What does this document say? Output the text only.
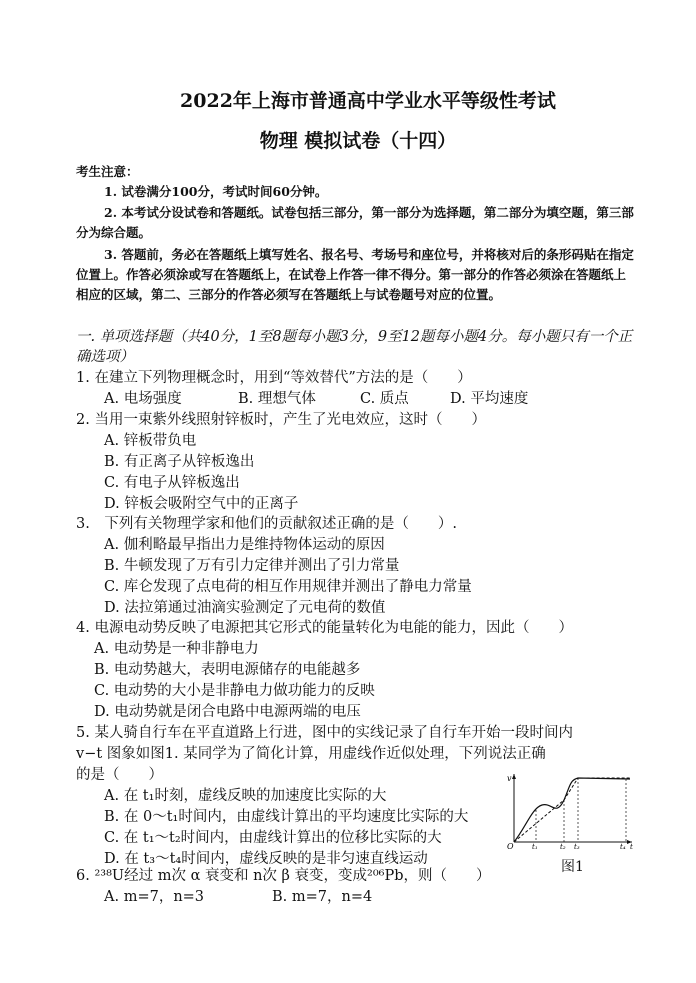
2022年上海市普通高中学业水平等级性考试
物理 模拟试卷（十四）
考生注意：
1. 试卷满分100分，考试时间60分钟。
2. 本考试分设试卷和答题纸。试卷包括三部分，第一部分为选择题，第二部分为填空题，第三部分为综合题。
3. 答题前，务必在答题纸上填写姓名、报名号、考场号和座位号，并将核对后的条形码贴在指定位置上。作答必须涂或写在答题纸上，在试卷上作答一律不得分。第一部分的作答必须涂在答题纸上相应的区域，第二、三部分的作答必须写在答题纸上与试卷题号对应的位置。
一. 单项选择题（共40分，1至8题每小题3分，9至12题每小题4分。每小题只有一个正确选项）
1. 在建立下列物理概念时，用到“等效替代”方法的是（　　）
A. 电场强度	B. 理想气体	C. 质点	D. 平均速度
2. 当用一束紫外线照射锌板时，产生了光电效应，这时（　　）
A. 锌板带负电
B. 有正离子从锌板逸出
C. 有电子从锌板逸出
D. 锌板会吸附空气中的正离子
3.　下列有关物理学家和他们的贡献叙述正确的是（　　）.
A. 伽利略最早指出力是维持物体运动的原因
B. 牛顿发现了万有引力定律并测出了引力常量
C. 库仑发现了点电荷的相互作用规律并测出了静电力常量
D. 法拉第通过油滴实验测定了元电荷的数值
4. 电源电动势反映了电源把其它形式的能量转化为电能的能力，因此（　　）
A. 电动势是一种非静电力
B. 电动势越大，表明电源储存的电能越多
C. 电动势的大小是非静电力做功能力的反映
D. 电动势就是闭合电路中电源两端的电压
5. 某人骑自行车在平直道路上行进，图中的实线记录了自行车开始一段时间内
v−t 图象如图1. 某同学为了简化计算，用虚线作近似处理，下列说法正确
的是（　　）
A. 在 t₁时刻，虚线反映的加速度比实际的大
B. 在 0～t₁时间内，由虚线计算出的平均速度比实际的大
C. 在 t₁～t₂时间内，由虚线计算出的位移比实际的大
D. 在 t₃～t₄时间内，虚线反映的是非匀速直线运动
v
O	t₁	t₂ t₃	t₄ t
图1
6. ²³⁸U经过 m次 α 衰变和 n次 β 衰变，变成²⁰⁶Pb，则（　　）
A. m=7，n=3	B. m=7，n=4
